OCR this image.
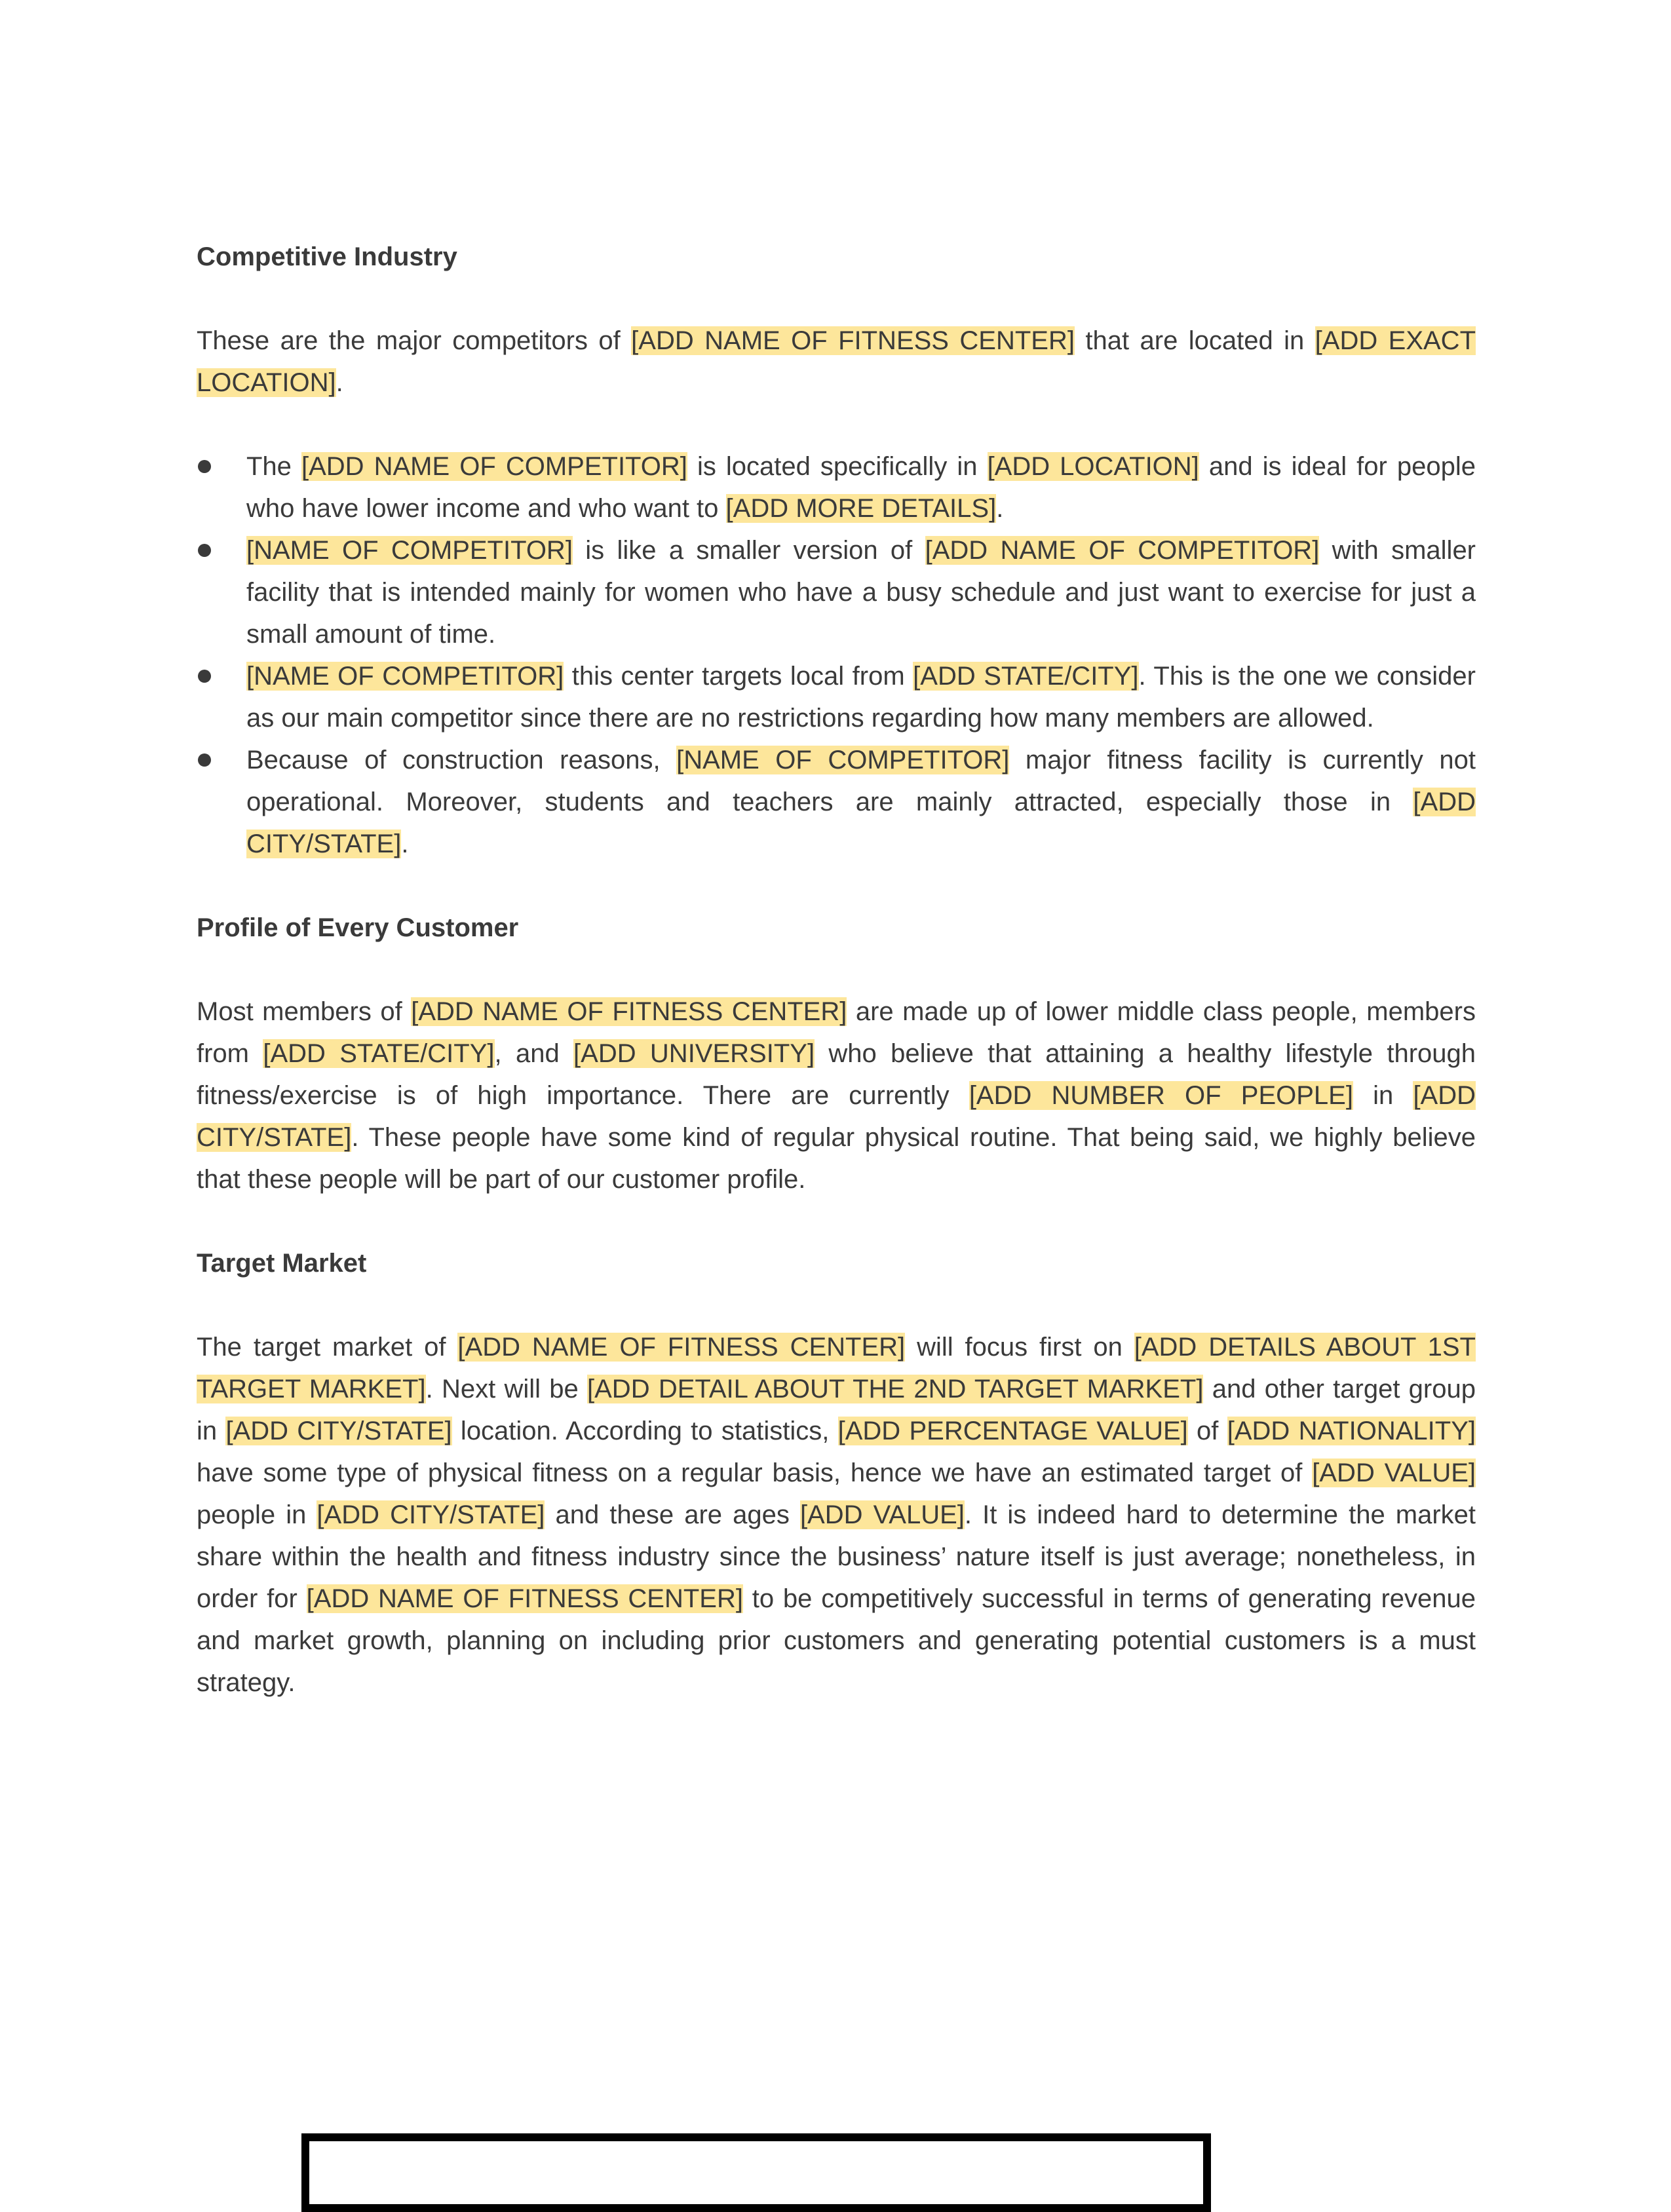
Competitive Industry

These are the major competitors of [ADD NAME OF FITNESS CENTER] that are located in [ADD EXACT LOCATION].

The [ADD NAME OF COMPETITOR] is located specifically in [ADD LOCATION] and is ideal for people who have lower income and who want to [ADD MORE DETAILS].
[NAME OF COMPETITOR] is like a smaller version of [ADD NAME OF COMPETITOR] with smaller facility that is intended mainly for women who have a busy schedule and just want to exercise for just a small amount of time.
[NAME OF COMPETITOR] this center targets local from [ADD STATE/CITY]. This is the one we consider as our main competitor since there are no restrictions regarding how many members are allowed.
Because of construction reasons, [NAME OF COMPETITOR] major fitness facility is currently not operational. Moreover, students and teachers are mainly attracted, especially those in [ADD CITY/STATE].
Profile of Every Customer

Most members of [ADD NAME OF FITNESS CENTER] are made up of lower middle class people, members from [ADD STATE/CITY], and [ADD UNIVERSITY] who believe that attaining a healthy lifestyle through fitness/exercise is of high importance. There are currently [ADD NUMBER OF PEOPLE] in [ADD CITY/STATE]. These people have some kind of regular physical routine. That being said, we highly believe that these people will be part of our customer profile.

Target Market

The target market of [ADD NAME OF FITNESS CENTER] will focus first on [ADD DETAILS ABOUT 1ST TARGET MARKET]. Next will be [ADD DETAIL ABOUT THE 2ND TARGET MARKET] and other target group in [ADD CITY/STATE] location. According to statistics, [ADD PERCENTAGE VALUE] of [ADD NATIONALITY] have some type of physical fitness on a regular basis, hence we have an estimated target of [ADD VALUE] people in [ADD CITY/STATE] and these are ages [ADD VALUE]. It is indeed hard to determine the market share within the health and fitness industry since the business’ nature itself is just average; nonetheless, in order for [ADD NAME OF FITNESS CENTER] to be competitively successful in terms of generating revenue and market growth, planning on including prior customers and generating potential customers is a must strategy.
